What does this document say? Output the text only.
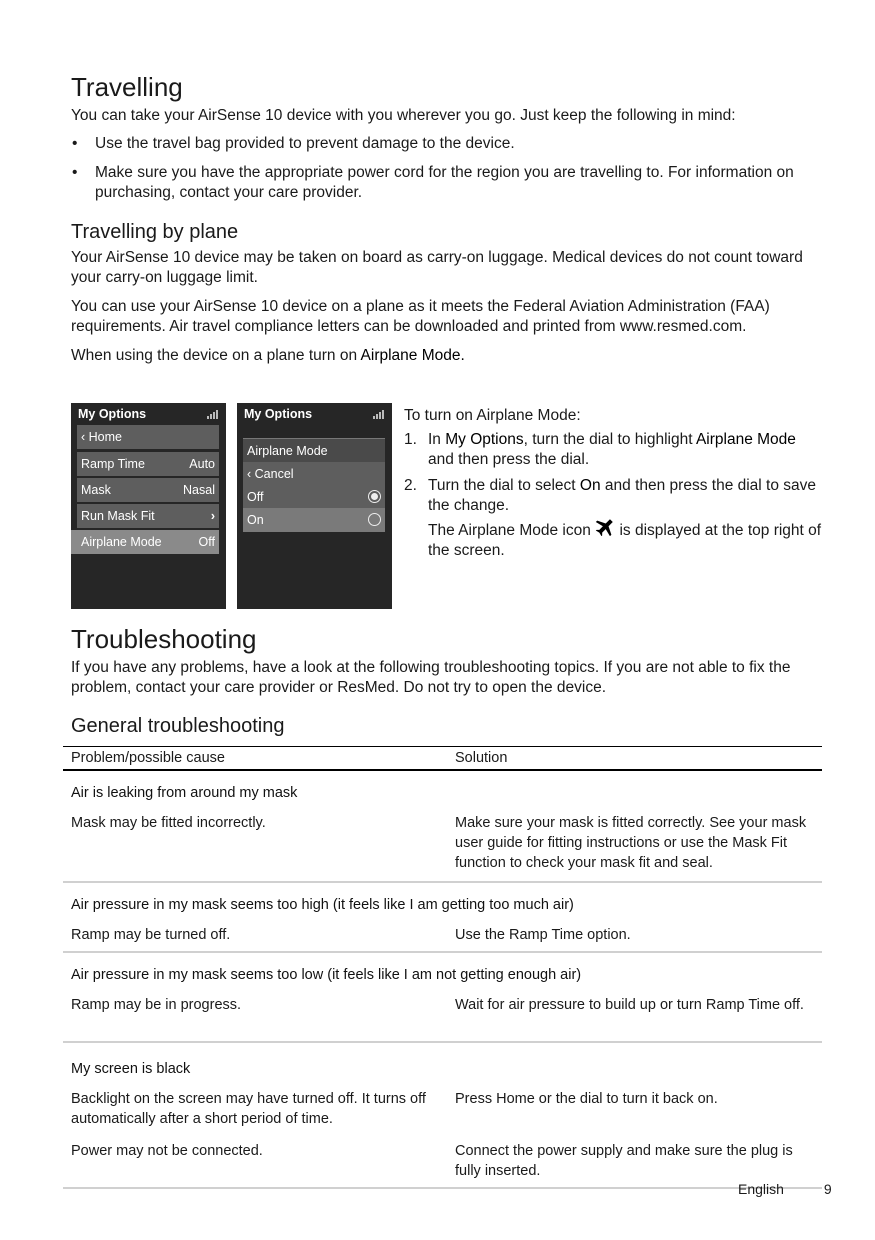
Travelling

You can take your AirSense 10 device with you wherever you go. Just keep the following in mind:

• Use the travel bag provided to prevent damage to the device.
• Make sure you have the appropriate power cord for the region you are travelling to. For information on purchasing, contact your care provider.
Travelling by plane

Your AirSense 10 device may be taken on board as carry-on luggage. Medical devices do not count toward your carry-on luggage limit.

You can use your AirSense 10 device on a plane as it meets the Federal Aviation Administration (FAA) requirements. Air travel compliance letters can be downloaded and printed from www.resmed.com.

When using the device on a plane turn on Airplane Mode.

My Options
‹ Home
Ramp Time	Auto
Mask	Nasal
Run Mask Fit	›
Airplane Mode	Off
My Options
Airplane Mode
‹ Cancel
Off
On

To turn on Airplane Mode:

1. In My Options, turn the dial to highlight Airplane Mode and then press the dial.
2. Turn the dial to select On and then press the dial to save the change.
The Airplane Mode icon  is displayed at the top right of the screen.
Troubleshooting

If you have any problems, have a look at the following troubleshooting topics. If you are not able to fix the problem, contact your care provider or ResMed. Do not try to open the device.

General troubleshooting
Problem/possible cause	Solution
Air is leaking from around my mask	
Mask may be fitted incorrectly.	Make sure your mask is fitted correctly. See your mask user guide for fitting instructions or use the Mask Fit function to check your mask fit and seal.
Air pressure in my mask seems too high (it feels like I am getting too much air)	
Ramp may be turned off.	Use the Ramp Time option.
Air pressure in my mask seems too low (it feels like I am not getting enough air)	
Ramp may be in progress.	Wait for air pressure to build up or turn Ramp Time off.
My screen is black	
Backlight on the screen may have turned off. It turns off automatically after a short period of time.	Press Home or the dial to turn it back on.
Power may not be connected.	Connect the power supply and make sure the plug is fully inserted.
English	9
